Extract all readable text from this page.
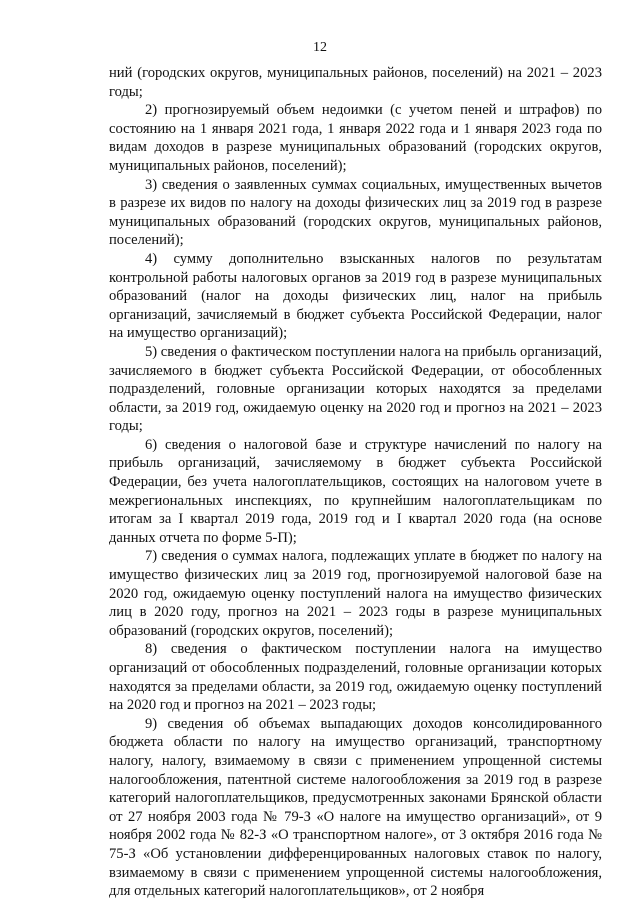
12

ний (городских округов, муниципальных районов, поселений) на 2021 – 2023 годы;

2) прогнозируемый объем недоимки (с учетом пеней и штрафов) по состоянию на 1 января 2021 года, 1 января 2022 года и 1 января 2023 года по видам доходов в разрезе муниципальных образований (городских округов, муниципальных районов, поселений);

3) сведения о заявленных суммах социальных, имущественных вычетов в разрезе их видов по налогу на доходы физических лиц за 2019 год в разрезе муниципальных образований (городских округов, муниципальных районов, поселений);

4) сумму дополнительно взысканных налогов по результатам контрольной работы налоговых органов за 2019 год в разрезе муниципальных образований (налог на доходы физических лиц, налог на прибыль организаций, зачисляемый в бюджет субъекта Российской Федерации, налог на имущество организаций);

5) сведения о фактическом поступлении налога на прибыль организаций, зачисляемого в бюджет субъекта Российской Федерации, от обособленных подразделений, головные организации которых находятся за пределами области, за 2019 год, ожидаемую оценку на 2020 год и прогноз на 2021 – 2023 годы;

6) сведения о налоговой базе и структуре начислений по налогу на прибыль организаций, зачисляемому в бюджет субъекта Российской Федерации, без учета налогоплательщиков, состоящих на налоговом учете в межрегиональных инспекциях, по крупнейшим налогоплательщикам по итогам за I квартал 2019 года, 2019 год и I квартал 2020 года (на основе данных отчета по форме 5-П);

7) сведения о суммах налога, подлежащих уплате в бюджет по налогу на имущество физических лиц за 2019 год, прогнозируемой налоговой базе на 2020 год, ожидаемую оценку поступлений налога на имущество физических лиц в 2020 году, прогноз на 2021 – 2023 годы в разрезе муниципальных образований (городских округов, поселений);

8) сведения о фактическом поступлении налога на имущество организаций от обособленных подразделений, головные организации которых находятся за пределами области, за 2019 год, ожидаемую оценку поступлений на 2020 год и прогноз на 2021 – 2023 годы;

9) сведения об объемах выпадающих доходов консолидированного бюджета области по налогу на имущество организаций, транспортному налогу, налогу, взимаемому в связи с применением упрощенной системы налогообложения, патентной системе налогообложения за 2019 год в разрезе категорий налогоплательщиков, предусмотренных законами Брянской области от 27 ноября 2003 года № 79-З «О налоге на имущество организаций», от 9 ноября 2002 года № 82-З «О транспортном налоге», от 3 октября 2016 года № 75-З «Об установлении дифференцированных налоговых ставок по налогу, взимаемому в связи с применением упрощенной системы налогообложения, для отдельных категорий налогоплательщиков», от 2 ноября
